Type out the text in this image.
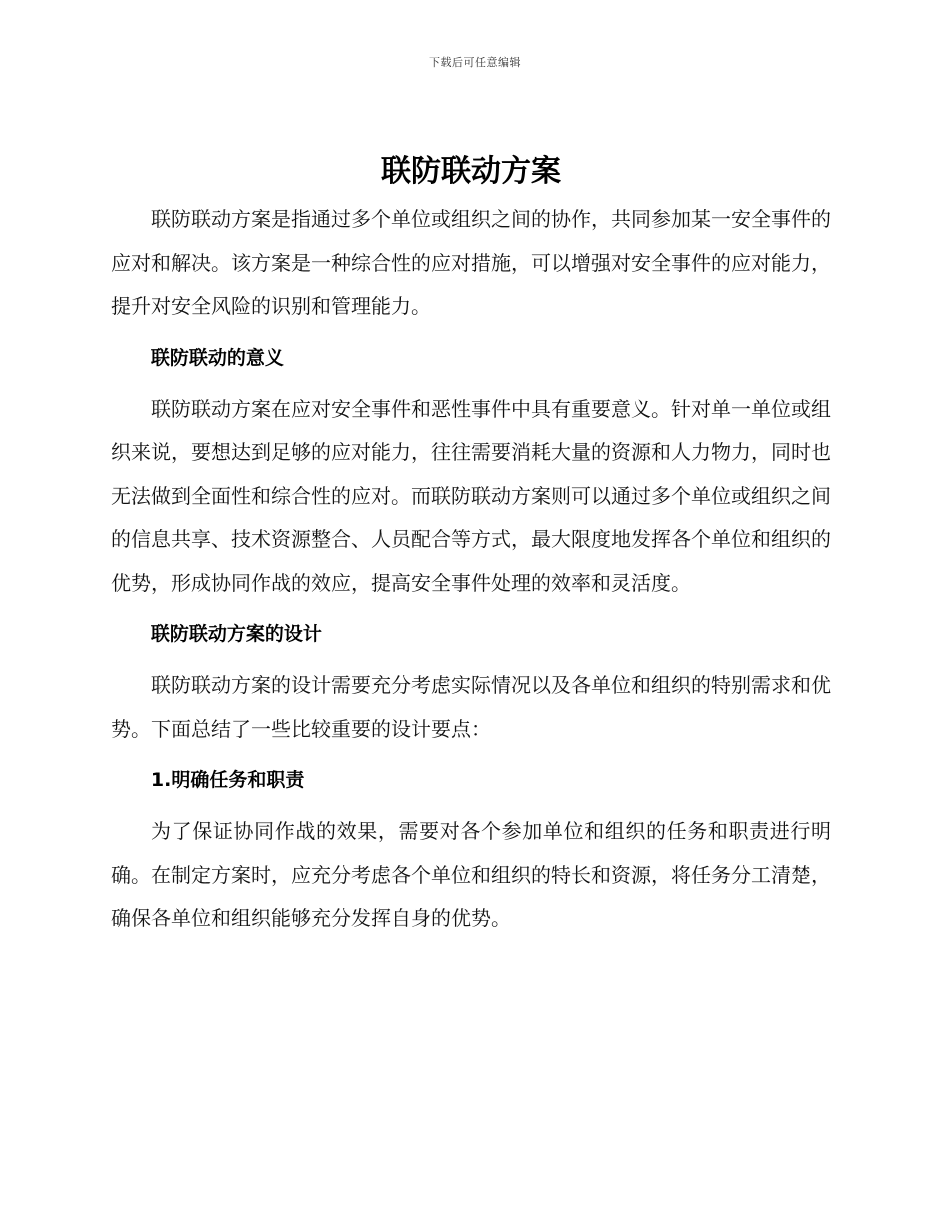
下载后可任意编辑
联防联动方案

联防联动方案是指通过多个单位或组织之间的协作，共同参加某一安全事件的应对和解决。该方案是一种综合性的应对措施，可以增强对安全事件的应对能力，提升对安全风险的识别和管理能力。

联防联动的意义

联防联动方案在应对安全事件和恶性事件中具有重要意义。针对单一单位或组织来说，要想达到足够的应对能力，往往需要消耗大量的资源和人力物力，同时也无法做到全面性和综合性的应对。而联防联动方案则可以通过多个单位或组织之间的信息共享、技术资源整合、人员配合等方式，最大限度地发挥各个单位和组织的优势，形成协同作战的效应，提高安全事件处理的效率和灵活度。

联防联动方案的设计

联防联动方案的设计需要充分考虑实际情况以及各单位和组织的特别需求和优势。下面总结了一些比较重要的设计要点：

1.明确任务和职责

为了保证协同作战的效果，需要对各个参加单位和组织的任务和职责进行明确。在制定方案时，应充分考虑各个单位和组织的特长和资源，将任务分工清楚，确保各单位和组织能够充分发挥自身的优势。
